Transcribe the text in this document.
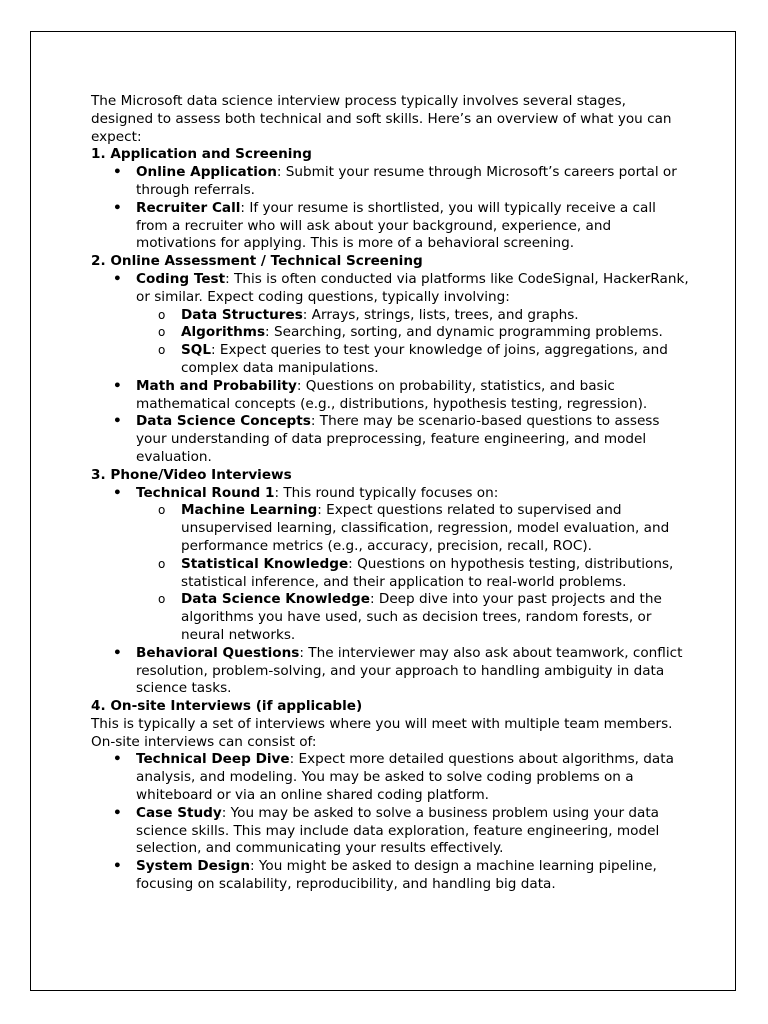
The Microsoft data science interview process typically involves several stages, designed to assess both technical and soft skills. Here’s an overview of what you can expect:

1. Application and Screening

• Online Application: Submit your resume through Microsoft’s careers portal or through referrals.
• Recruiter Call: If your resume is shortlisted, you will typically receive a call from a recruiter who will ask about your background, experience, and motivations for applying. This is more of a behavioral screening.

2. Online Assessment / Technical Screening

• Coding Test: This is often conducted via platforms like CodeSignal, HackerRank, or similar. Expect coding questions, typically involving:
o Data Structures: Arrays, strings, lists, trees, and graphs.
o Algorithms: Searching, sorting, and dynamic programming problems.
o SQL: Expect queries to test your knowledge of joins, aggregations, and complex data manipulations.
• Math and Probability: Questions on probability, statistics, and basic mathematical concepts (e.g., distributions, hypothesis testing, regression).
• Data Science Concepts: There may be scenario-based questions to assess your understanding of data preprocessing, feature engineering, and model evaluation.

3. Phone/Video Interviews

• Technical Round 1: This round typically focuses on:
o Machine Learning: Expect questions related to supervised and unsupervised learning, classification, regression, model evaluation, and performance metrics (e.g., accuracy, precision, recall, ROC).
o Statistical Knowledge: Questions on hypothesis testing, distributions, statistical inference, and their application to real-world problems.
o Data Science Knowledge: Deep dive into your past projects and the algorithms you have used, such as decision trees, random forests, or neural networks.
• Behavioral Questions: The interviewer may also ask about teamwork, conflict resolution, problem-solving, and your approach to handling ambiguity in data science tasks.

4. On-site Interviews (if applicable)

This is typically a set of interviews where you will meet with multiple team members. On-site interviews can consist of:

• Technical Deep Dive: Expect more detailed questions about algorithms, data analysis, and modeling. You may be asked to solve coding problems on a whiteboard or via an online shared coding platform.
• Case Study: You may be asked to solve a business problem using your data science skills. This may include data exploration, feature engineering, model selection, and communicating your results effectively.
• System Design: You might be asked to design a machine learning pipeline, focusing on scalability, reproducibility, and handling big data.
